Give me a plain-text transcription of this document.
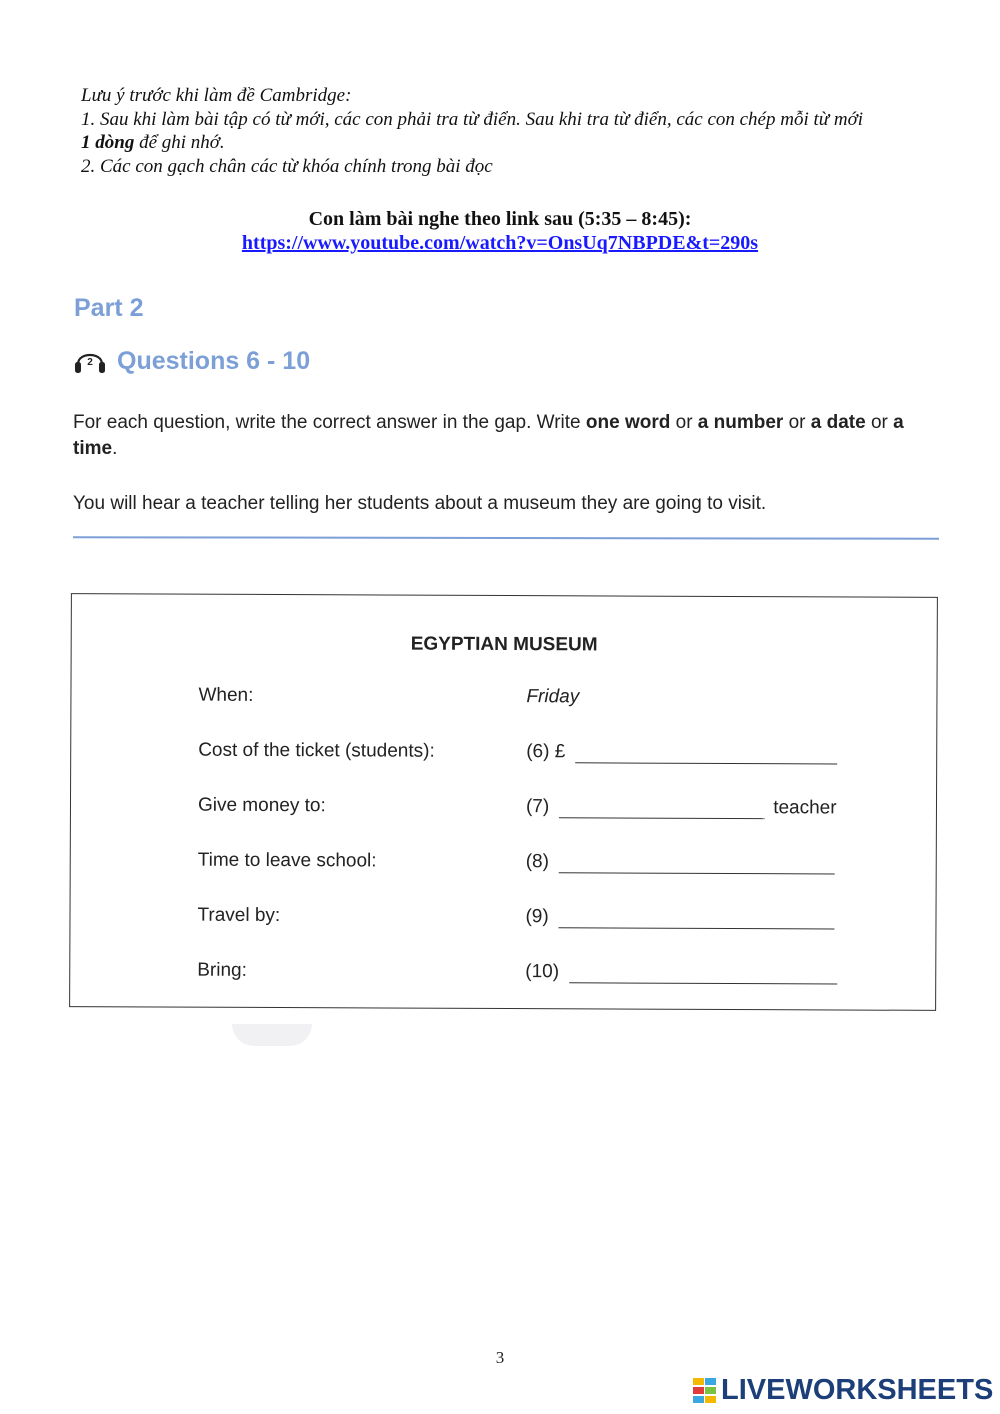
Lưu ý trước khi làm đề Cambridge:

1. Sau khi làm bài tập có từ mới, các con phải tra từ điển. Sau khi tra từ điển, các con chép mỗi từ mới
1 dòng để ghi nhớ.

2. Các con gạch chân các từ khóa chính trong bài đọc

Con làm bài nghe theo link sau (5:35 – 8:45):
https://www.youtube.com/watch?v=OnsUq7NBPDE&t=290s
Part 2
2 Questions 6 - 10
For each question, write the correct answer in the gap. Write one word or a number or a date or a
time.
You will hear a teacher telling her students about a museum they are going to visit.
EGYPTIAN MUSEUM
When:	Friday
Cost of the ticket (students):	(6) £
Give money to:	(7)	teacher
Time to leave school:	(8)
Travel by:	(9)
Bring:	(10)
3
LIVEWORKSHEETS
